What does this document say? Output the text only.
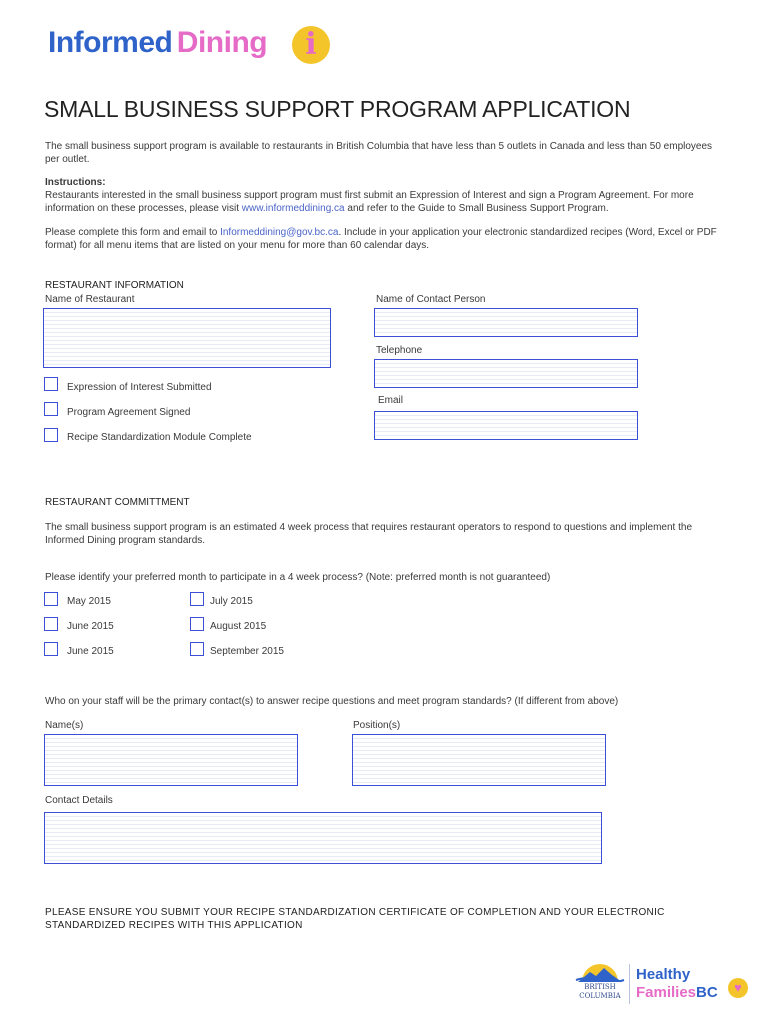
Informed Dining	i
SMALL BUSINESS SUPPORT PROGRAM APPLICATION
The small business support program is available to restaurants in British Columbia that have less than 5 outlets in Canada and less than 50 employees per outlet.
Instructions:
Restaurants interested in the small business support program must first submit an Expression of Interest and sign a Program Agreement. For more information on these processes, please visit www.informeddining.ca and refer to the Guide to Small Business Support Program.
Please complete this form and email to Informeddining@gov.bc.ca. Include in your application your electronic standardized recipes (Word, Excel or PDF format) for all menu items that are listed on your menu for more than 60 calendar days.
RESTAURANT INFORMATION
Name of Restaurant	Name of Contact Person
Telephone
Email
Expression of Interest Submitted
Program Agreement Signed
Recipe Standardization Module Complete
RESTAURANT COMMITTMENT
The small business support program is an estimated 4 week process that requires restaurant operators to respond to questions and implement the Informed Dining program standards.
Please identify your preferred month to participate in a 4 week process? (Note: preferred month is not guaranteed)
May 2015
June 2015
June 2015
July 2015
August 2015
September 2015
Who on your staff will be the primary contact(s) to answer recipe questions and meet program standards? (If different from above)
Name(s)	Position(s)
Contact Details
PLEASE ENSURE YOU SUBMIT YOUR RECIPE STANDARDIZATION CERTIFICATE OF COMPLETION AND YOUR ELECTRONIC STANDARDIZED RECIPES WITH THIS APPLICATION
BRITISH
COLUMBIA
Healthy
FamiliesBC	♥
